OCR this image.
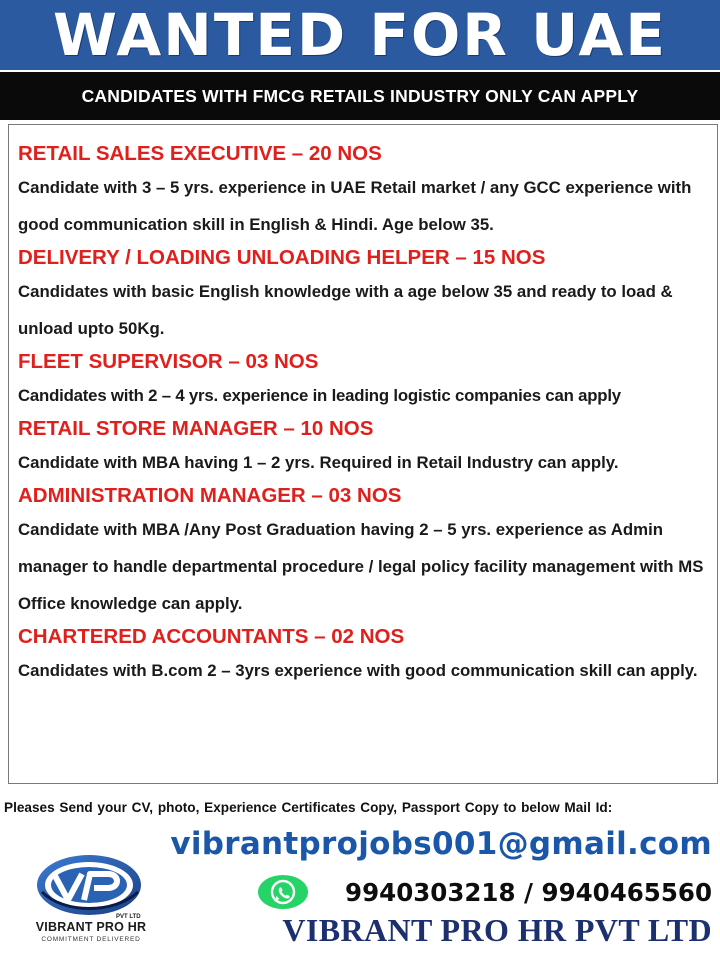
WANTED FOR UAE
CANDIDATES WITH FMCG RETAILS INDUSTRY ONLY CAN APPLY
RETAIL SALES EXECUTIVE – 20 NOS
Candidate with 3 – 5 yrs. experience in UAE Retail market / any GCC experience with good communication skill in English & Hindi. Age below 35.
DELIVERY / LOADING UNLOADING HELPER – 15 NOS
Candidates with basic English knowledge with a age below 35 and ready to load & unload upto 50Kg.
FLEET SUPERVISOR – 03 NOS
Candidates with 2 – 4 yrs. experience in leading logistic companies can apply
RETAIL STORE MANAGER – 10 NOS
Candidate with MBA having 1 – 2 yrs. Required in Retail Industry can apply.
ADMINISTRATION MANAGER – 03 NOS
Candidate with MBA /Any Post Graduation having 2 – 5 yrs. experience as Admin manager to handle departmental procedure / legal policy facility management with MS Office knowledge can apply.
CHARTERED ACCOUNTANTS – 02 NOS
Candidates with B.com 2 – 3yrs experience with good communication skill can apply.
Pleases Send your CV, photo, Experience Certificates Copy, Passport Copy to below Mail Id:
vibrantprojobs001@gmail.com
9940303218 / 9940465560
VIBRANT PRO HR PVT LTD
PVT LTD
VIBRANT PRO HR
COMMITMENT DELIVERED
